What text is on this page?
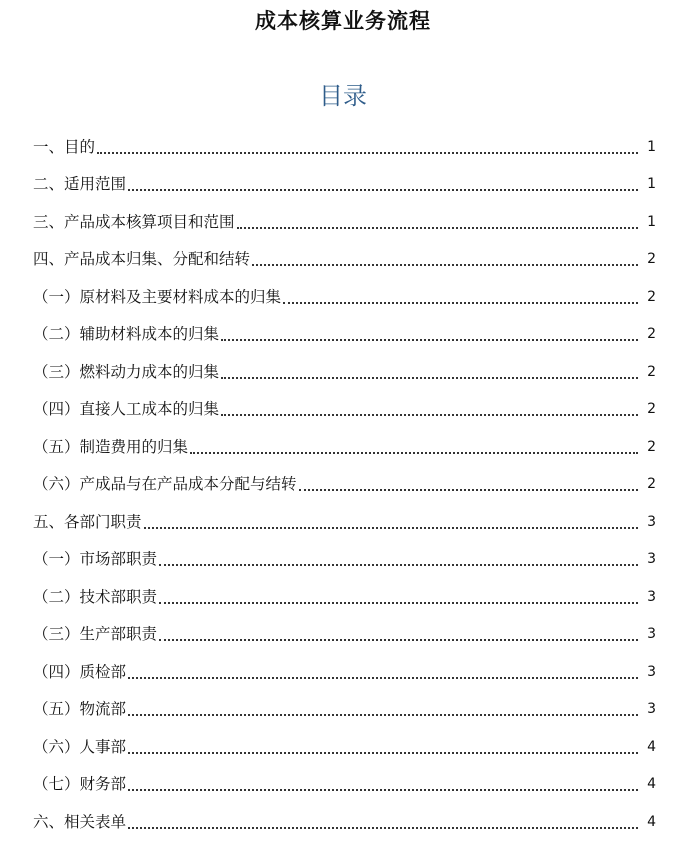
成本核算业务流程
目录
一、目的	1
二、适用范围	1
三、产品成本核算项目和范围	1
四、产品成本归集、分配和结转	2
（一）原材料及主要材料成本的归集	2
（二）辅助材料成本的归集	2
（三）燃料动力成本的归集	2
（四）直接人工成本的归集	2
（五）制造费用的归集	2
（六）产成品与在产品成本分配与结转	2
五、各部门职责	3
（一）市场部职责	3
（二）技术部职责	3
（三）生产部职责	3
（四）质检部	3
（五）物流部	3
（六）人事部	4
（七）财务部	4
六、相关表单	4
